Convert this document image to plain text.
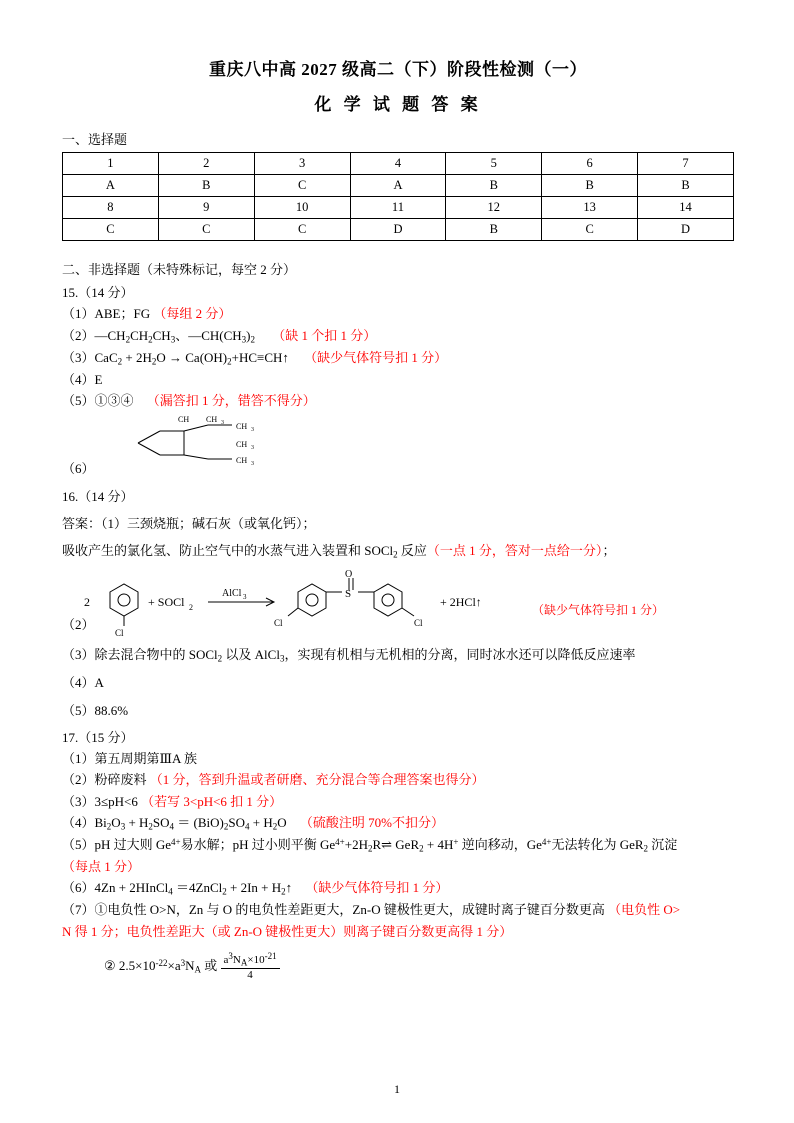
重庆八中高 2027 级高二（下）阶段性检测（一）
化 学 试 题 答 案
一、选择题
1	2	3	4	5	6	7
A	B	C	A	B	B	B
8	9	10	11	12	13	14
C	C	C	D	B	C	D
二、非选择题（未特殊标记，每空 2 分）
15.（14 分）
（1）ABE；FG （每组 2 分）
$(2)—CH_2CH_2CH_3$、$—CH(CH_3)_2$ （缺 1 个扣 1 分）
$(3)CaC_2 + 2H_2O$ → $Ca(OH)_2+HC\equiv CH↑$ （缺少气体符号扣 1 分）
（4）E
（5）①③④ （漏答扣 1 分，错答不得分）
CH CH 3 CH 3
CH 3
CH 3
（6）
16.（14 分）
答案：（1）三颈烧瓶；碱石灰（或氧化钙）；
吸收产生的氯化氢、防止空气中的水蒸气进入装置和 SOCl$_2$ 反应（一点 1 分，答对一点给一分）；
2
Cl
+ SOCl 2
AlCl 3	S
O
Cl	Cl
+ 2HCl↑
（缺少气体符号扣 1 分）
（2）
（3）除去混合物中的 SOCl$_2$ 以及 AlCl$_3$，实现有机相与无机相的分离，同时冰水还可以降低反应速率
（4）A
（5）88.6%
17.（15 分）
（1）第五周期第ⅢA 族
（2）粉碎废料 （1 分，答到升温或者研磨、充分混合等合理答案也得分）
（3）3≤pH<6 （若写 3<pH<6 扣 1 分）
$(4)Bi_2O_3 + H_2SO_4 = (BiO)_2SO_4 + H_2O$ （硫酸注明 70%不扣分）
（5）pH 过大则 $Ge^{4+}$易水解；pH 过小则平衡 $Ge^{4+}+2H_2R\rightleftharpoons$ GeR$_2$ + 4H+ 逆向移动，$Ge^{4+}$无法转化为 GeR$_2$ 沉淀
（每点 1 分）
（6）4Zn + 2HInCl$_4$ ＝4ZnCl$_2$ + $2In + H_2↑$ （缺少气体符号扣 1 分）
（7）①电负性 O>N，Zn 与 O 的电负性差距更大，Zn-O 键极性更大，成键时离子键百分数更高 （电负性 O>
N 得 1 分；电负性差距大（或 Zn-O 键极性更大）则离子键百分数更高得 1 分）
② $2.5\times 10^{-22}\times a^3N_A$ 或 $\frac{a^3N_A\times 10^{-21}}{4}$
1
